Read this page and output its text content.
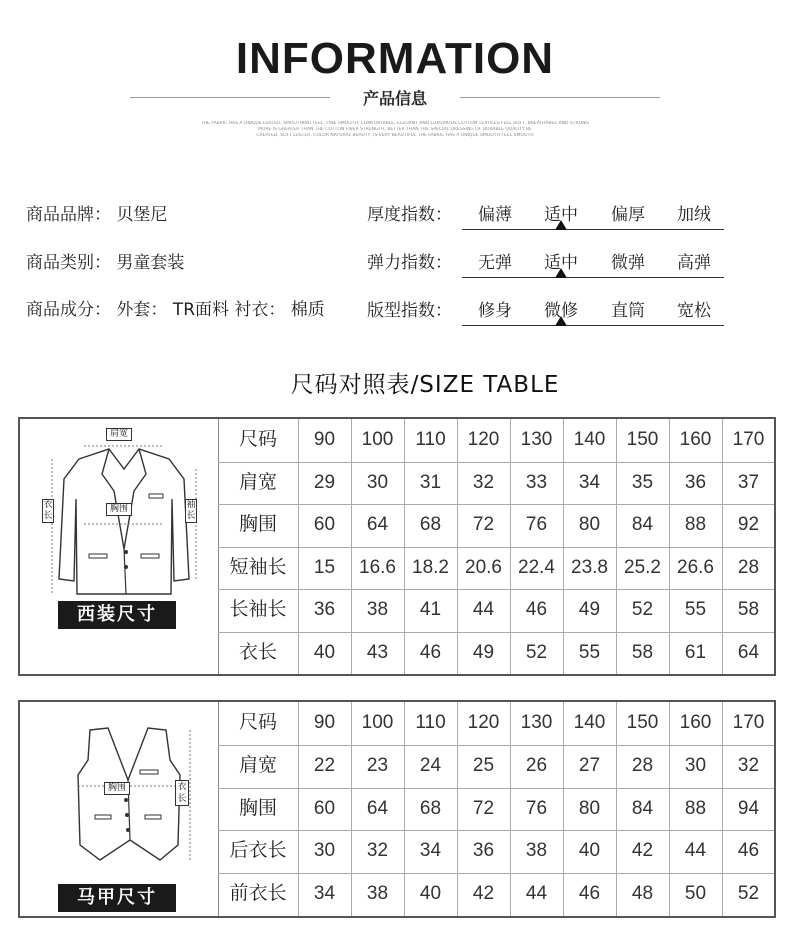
INFORMATION
产品信息
THE FABRIC HAS A UNIQUE LUSTER, SMOOTHING FEEL, FINE SMOOTH, COMFORTABLE, ELEGANT AND LUXURIOUS COTTON TEXTILES FEEL SOFT, BREATHABLE AND STRONG
MORE IS GREATER THAN THE COTTON FIBER STRENGTH, BETTER THAN THE SPECIAL DRESSING OF DURABLE QUALITY BE
CREATED, SOFT LUSTER, COLOR NATURAL BEAUTY, IS VERY BEAUTIFUL THE FABRIC HAS A UNIQUE SMOOTH FEEL SMOOTH
商品品牌： 贝堡尼
商品类别： 男童套装
商品成分： 外套： TR面料 衬衣： 棉质
厚度指数：	偏薄	适中	偏厚	加绒
弹力指数：	无弹	适中	微弹	高弹
版型指数：	修身	微修	直筒	宽松
尺码对照表/SIZE TABLE
尺码	90	100	110	120	130	140	150	160	170
肩宽	29	30	31	32	33	34	35	36	37
胸围	60	64	68	72	76	80	84	88	92
短袖长	15	16.6 18.2 20.6 22.4 23.8 25.2 26.6	28
长袖长	36	38	41	44	46	49	52	55	58
衣长	40	43	46	49	52	55	58	61	64
肩宽
胸围
衣长
袖长
西装尺寸
尺码	90	100	110	120	130	140	150	160	170
肩宽	22	23	24	25	26	27	28	30	32
胸围	60	64	68	72	76	80	84	88	94
后衣长	30	32	34	36	38	40	42	44	46
前衣长	34	38	40	42	44	46	48	50	52
胸围	衣长
马甲尺寸
